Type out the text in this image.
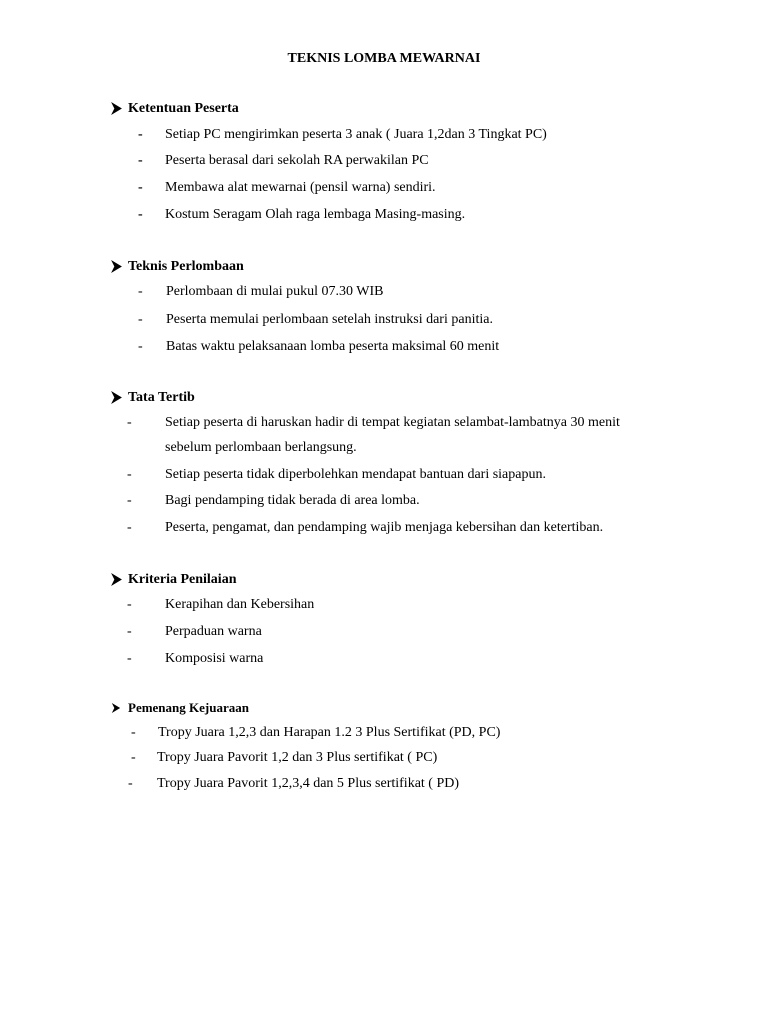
TEKNIS LOMBA MEWARNAI
Ketentuan Peserta
- Setiap PC mengirimkan peserta 3 anak ( Juara 1,2dan 3 Tingkat PC)
- Peserta berasal dari sekolah RA perwakilan PC
- Membawa alat mewarnai (pensil warna) sendiri.
- Kostum Seragam Olah raga lembaga Masing-masing.
Teknis Perlombaan
- Perlombaan di mulai pukul 07.30 WIB
- Peserta memulai perlombaan setelah instruksi dari panitia.
- Batas waktu pelaksanaan lomba peserta maksimal 60 menit
Tata Tertib
- Setiap peserta di haruskan hadir di tempat kegiatan selambat-lambatnya 30 menit
sebelum perlombaan berlangsung.
- Setiap peserta tidak diperbolehkan mendapat bantuan dari siapapun.
- Bagi pendamping tidak berada di area lomba.
- Peserta, pengamat, dan pendamping wajib menjaga kebersihan dan ketertiban.
Kriteria Penilaian
- Kerapihan dan Kebersihan
- Perpaduan warna
- Komposisi warna
Pemenang Kejuaraan
- Tropy Juara 1,2,3 dan Harapan 1.2 3 Plus Sertifikat (PD, PC)
- Tropy Juara Pavorit 1,2 dan 3 Plus sertifikat ( PC)
- Tropy Juara Pavorit 1,2,3,4 dan 5 Plus sertifikat ( PD)
